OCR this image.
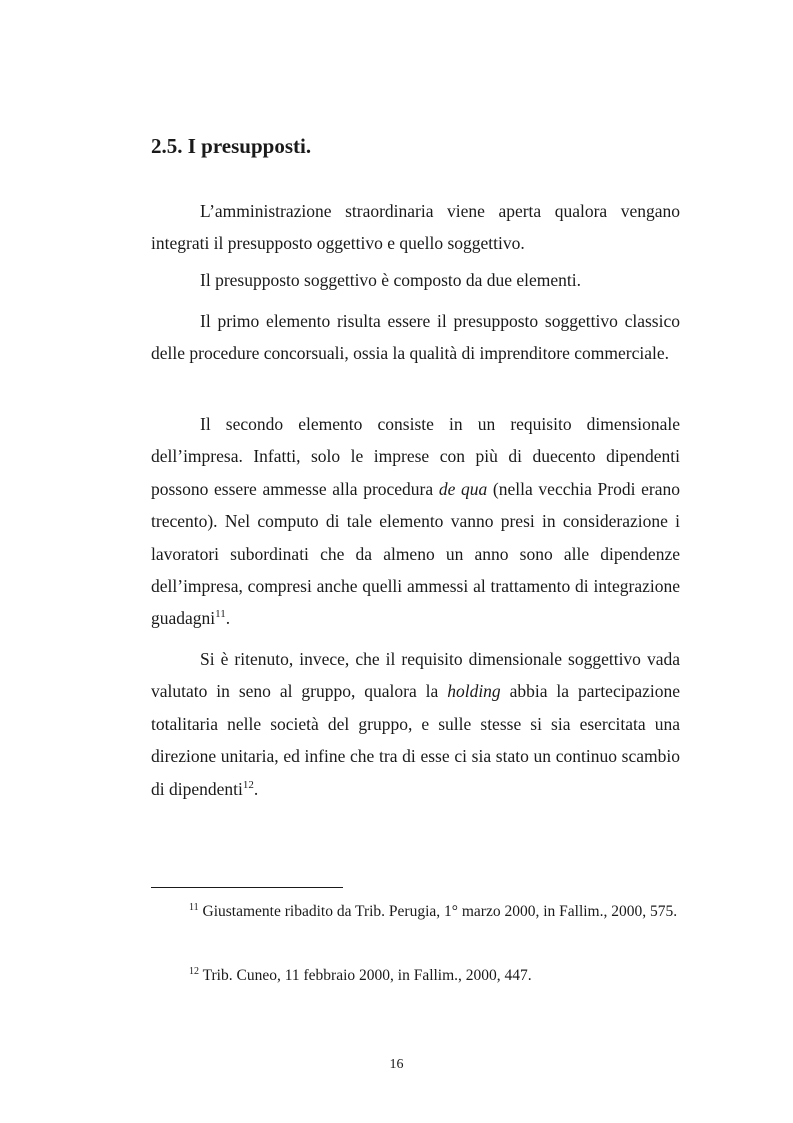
2.5. I presupposti.

L’amministrazione straordinaria viene aperta qualora vengano integrati il presupposto oggettivo e quello soggettivo.

Il presupposto soggettivo è composto da due elementi.

Il primo elemento risulta essere il presupposto soggettivo classico delle procedure concorsuali, ossia la qualità di imprenditore commerciale.

Il secondo elemento consiste in un requisito dimensionale dell’impresa. Infatti, solo le imprese con più di duecento dipendenti possono essere ammesse alla procedura de qua (nella vecchia Prodi erano trecento). Nel computo di tale elemento vanno presi in considerazione i lavoratori subordinati che da almeno un anno sono alle dipendenze dell’impresa, compresi anche quelli ammessi al trattamento di integrazione guadagni$^{11}$.

Si è ritenuto, invece, che il requisito dimensionale soggettivo vada valutato in seno al gruppo, qualora la holding abbia la partecipazione totalitaria nelle società del gruppo, e sulle stesse si sia esercitata una direzione unitaria, ed infine che tra di esse ci sia stato un continuo scambio di dipendenti$^{12}$.

$^{11}$ Giustamente ribadito da Trib. Perugia, 1° marzo 2000, in Fallim., 2000, 575.

$^{12}$ Trib. Cuneo, 11 febbraio 2000, in Fallim., 2000, 447.

16
